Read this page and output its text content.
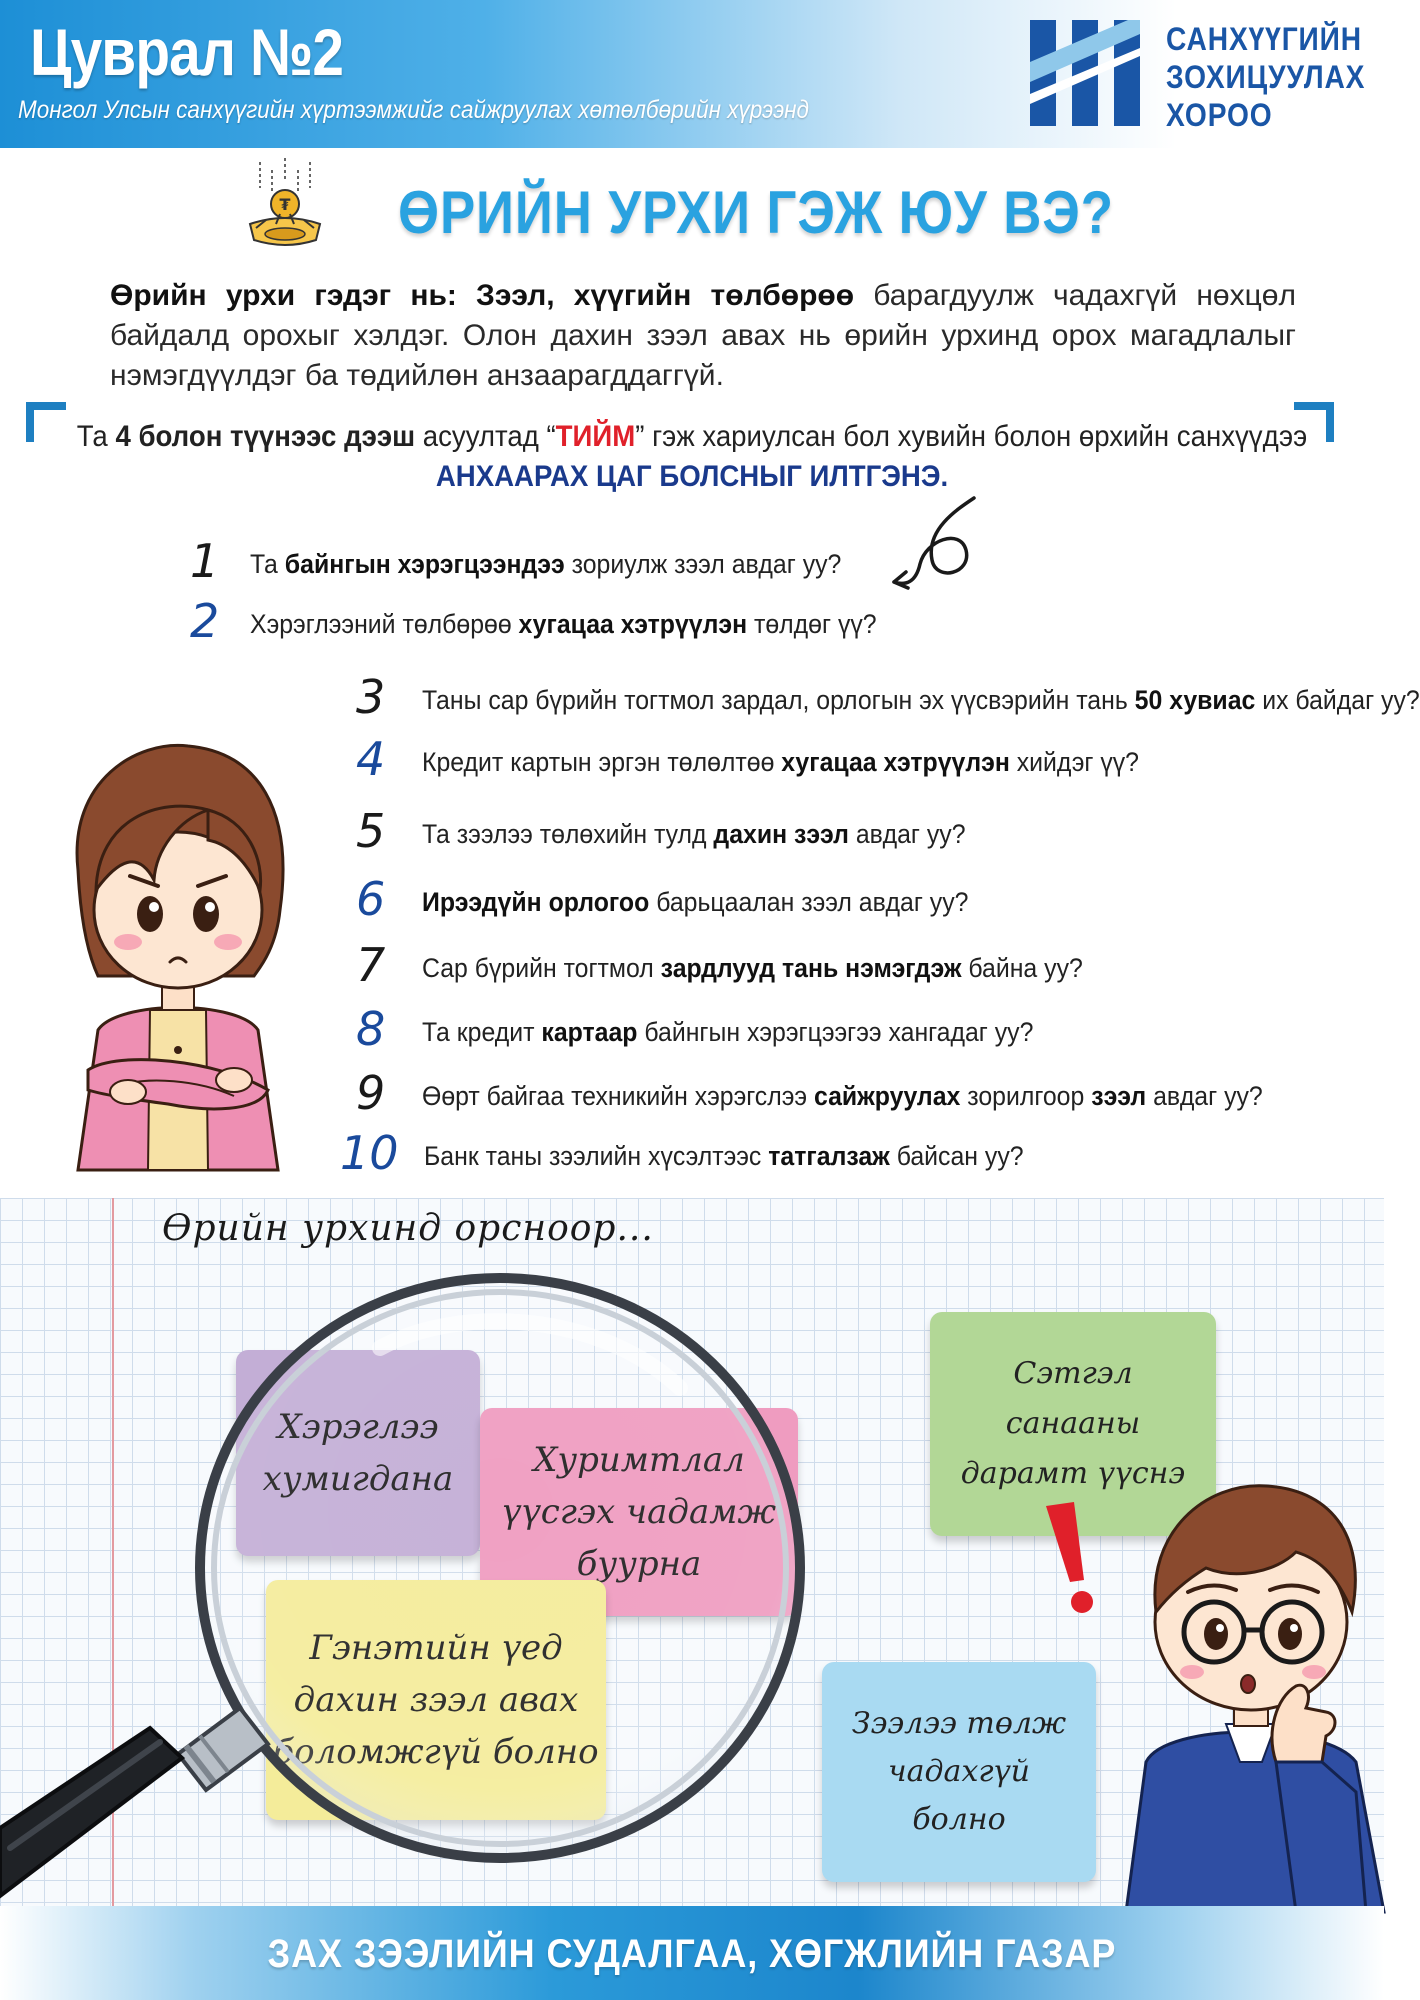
Цуврал №2
Монгол Улсын санхүүгийн хүртээмжийг сайжруулах хөтөлбөрийн хүрээнд
САНХҮҮГИЙН
ЗОХИЦУУЛАХ
ХОРОО
₮ ӨРИЙН УРХИ ГЭЖ ЮУ ВЭ?
Өрийн урхи гэдэг нь: Зээл, хүүгийн төлбөрөө барагдуулж чадахгүй нөхцөл байдалд орохыг хэлдэг. Олон дахин зээл авах нь өрийн урхинд орох магадлалыг нэмэгдүүлдэг ба төдийлөн анзаарагддаггүй.
Та 4 болон түүнээс дээш асуултад “ТИЙМ” гэж хариулсан бол хувийн болон өрхийн санхүүдээ
АНХААРАХ ЦАГ БОЛСНЫГ ИЛТГЭНЭ.
1 Та байнгын хэрэгцээндээ зориулж зээл авдаг уу?
2 Хэрэглээний төлбөрөө хугацаа хэтрүүлэн төлдөг үү?
3 Таны сар бүрийн тогтмол зардал, орлогын эх үүсвэрийн тань 50 хувиас их байдаг уу?
4 Кредит картын эргэн төлөлтөө хугацаа хэтрүүлэн хийдэг үү?
5 Та зээлээ төлөхийн тулд дахин зээл авдаг уу?
6 Ирээдүйн орлогоо барьцаалан зээл авдаг уу?
7 Сар бүрийн тогтмол зардлууд тань нэмэгдэж байна уу?
8 Та кредит картаар байнгын хэрэгцээгээ хангадаг уу?
9 Өөрт байгаа техникийн хэрэгслээ сайжруулах зорилгоор зээл авдаг уу?
10 Банк таны зээлийн хүсэлтээс татгалзаж байсан уу?
Өрийн урхинд орсноор...
Сэтгэл
санааны
дарамт үүснэ
Зээлээ төлж
чадахгүй
болно
ЗАХ ЗЭЭЛИЙН СУДАЛГАА, ХӨГЖЛИЙН ГАЗАР
